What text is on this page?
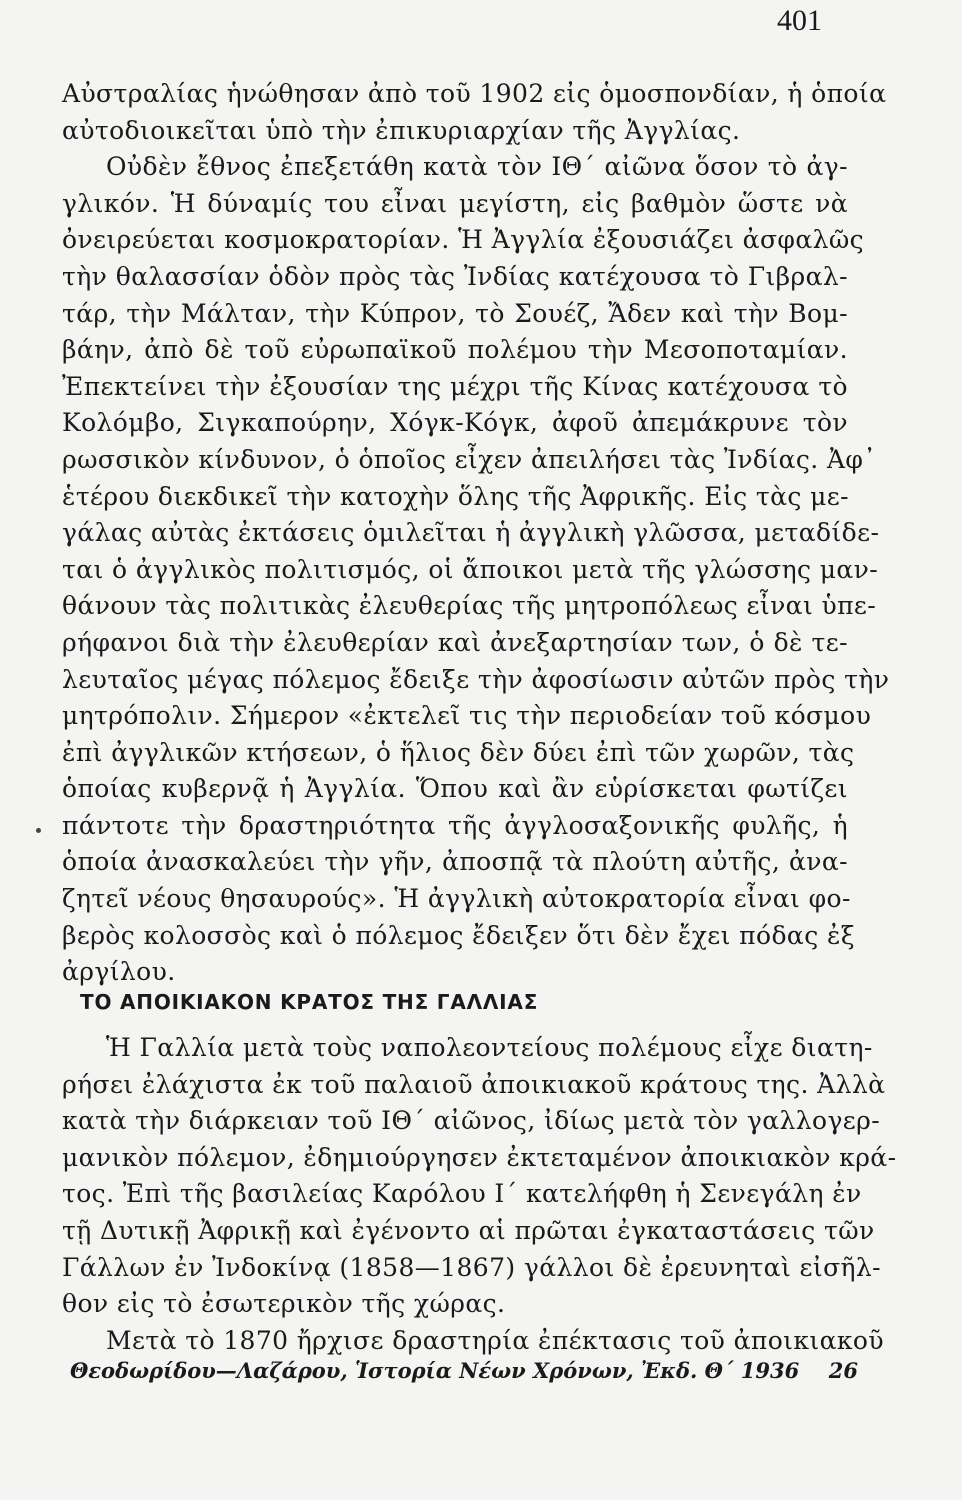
401
Αὐστραλίας ἡνώθησαν ἀπὸ τοῦ 1902 εἰς ὁμοσπονδίαν, ἡ ὁποία
αὐτοδιοικεῖται ὑπὸ τὴν ἐπικυριαρχίαν τῆς Ἀγγλίας.
Οὐδὲν ἔθνος ἐπεξετάθη κατὰ τὸν ΙΘ΄ αἰῶνα ὅσον τὸ ἀγ-
γλικόν. Ἡ δύναμίς του εἶναι μεγίστη, εἰς βαθμὸν ὥστε νὰ
ὀνειρεύεται κοσμοκρατορίαν. Ἡ Ἀγγλία ἐξουσιάζει ἀσφαλῶς
τὴν θαλασσίαν ὁδὸν πρὸς τὰς Ἰνδίας κατέχουσα τὸ Γιβραλ-
τάρ, τὴν Μάλταν, τὴν Κύπρον, τὸ Σουέζ, Ἄδεν καὶ τὴν Βομ-
βάην, ἀπὸ δὲ τοῦ εὐρωπαϊκοῦ πολέμου τὴν Μεσοποταμίαν.
Ἐπεκτείνει τὴν ἐξουσίαν της μέχρι τῆς Κίνας κατέχουσα τὸ
Κολόμβο, Σιγκαπούρην, Χόγκ-Κόγκ, ἀφοῦ ἀπεμάκρυνε τὸν
ρωσσικὸν κίνδυνον, ὁ ὁποῖος εἶχεν ἀπειλήσει τὰς Ἰνδίας. Ἀφ᾽
ἑτέρου διεκδικεῖ τὴν κατοχὴν ὅλης τῆς Ἀφρικῆς. Εἰς τὰς με-
γάλας αὐτὰς ἐκτάσεις ὁμιλεῖται ἡ ἀγγλικὴ γλῶσσα, μεταδίδε-
ται ὁ ἀγγλικὸς πολιτισμός, οἱ ἄποικοι μετὰ τῆς γλώσσης μαν-
θάνουν τὰς πολιτικὰς ἐλευθερίας τῆς μητροπόλεως εἶναι ὑπε-
ρήφανοι διὰ τὴν ἐλευθερίαν καὶ ἀνεξαρτησίαν των, ὁ δὲ τε-
λευταῖος μέγας πόλεμος ἔδειξε τὴν ἀφοσίωσιν αὐτῶν πρὸς τὴν
μητρόπολιν. Σήμερον «ἐκτελεῖ τις τὴν περιοδείαν τοῦ κόσμου
ἐπὶ ἀγγλικῶν κτήσεων, ὁ ἥλιος δὲν δύει ἐπὶ τῶν χωρῶν, τὰς
ὁποίας κυβερνᾷ ἡ Ἀγγλία. Ὅπου καὶ ἂν εὑρίσκεται φωτίζει
πάντοτε τὴν δραστηριότητα τῆς ἀγγλοσαξονικῆς φυλῆς, ἡ
ὁποία ἀνασκαλεύει τὴν γῆν, ἀποσπᾷ τὰ πλούτη αὐτῆς, ἀνα-
ζητεῖ νέους θησαυρούς». Ἡ ἀγγλικὴ αὐτοκρατορία εἶναι φο-
βερὸς κολοσσὸς καὶ ὁ πόλεμος ἔδειξεν ὅτι δὲν ἔχει πόδας ἐξ
ἀργίλου.
ΤΟ ΑΠΟΙΚΙΑΚΟΝ ΚΡΑΤΟΣ ΤΗΣ ΓΑΛΛΙΑΣ
Ἡ Γαλλία μετὰ τοὺς ναπολεοντείους πολέμους εἶχε διατη-
ρήσει ἐλάχιστα ἐκ τοῦ παλαιοῦ ἀποικιακοῦ κράτους της. Ἀλλὰ
κατὰ τὴν διάρκειαν τοῦ ΙΘ΄ αἰῶνος, ἰδίως μετὰ τὸν γαλλογερ-
μανικὸν πόλεμον, ἐδημιούργησεν ἐκτεταμένον ἀποικιακὸν κρά-
τος. Ἐπὶ τῆς βασιλείας Καρόλου Ι΄ κατελήφθη ἡ Σενεγάλη ἐν
τῇ Δυτικῇ Ἀφρικῇ καὶ ἐγένοντο αἱ πρῶται ἐγκαταστάσεις τῶν
Γάλλων ἐν Ἰνδοκίνᾳ (1858—1867) γάλλοι δὲ ἐρευνηταὶ εἰσῆλ-
θον εἰς τὸ ἐσωτερικὸν τῆς χώρας.
Μετὰ τὸ 1870 ἤρχισε δραστηρία ἐπέκτασις τοῦ ἀποικιακοῦ
Θεοδωρίδου—Λαζάρου, Ἱστορία Νέων Χρόνων, Ἐκδ. Θ΄ 1936 26
